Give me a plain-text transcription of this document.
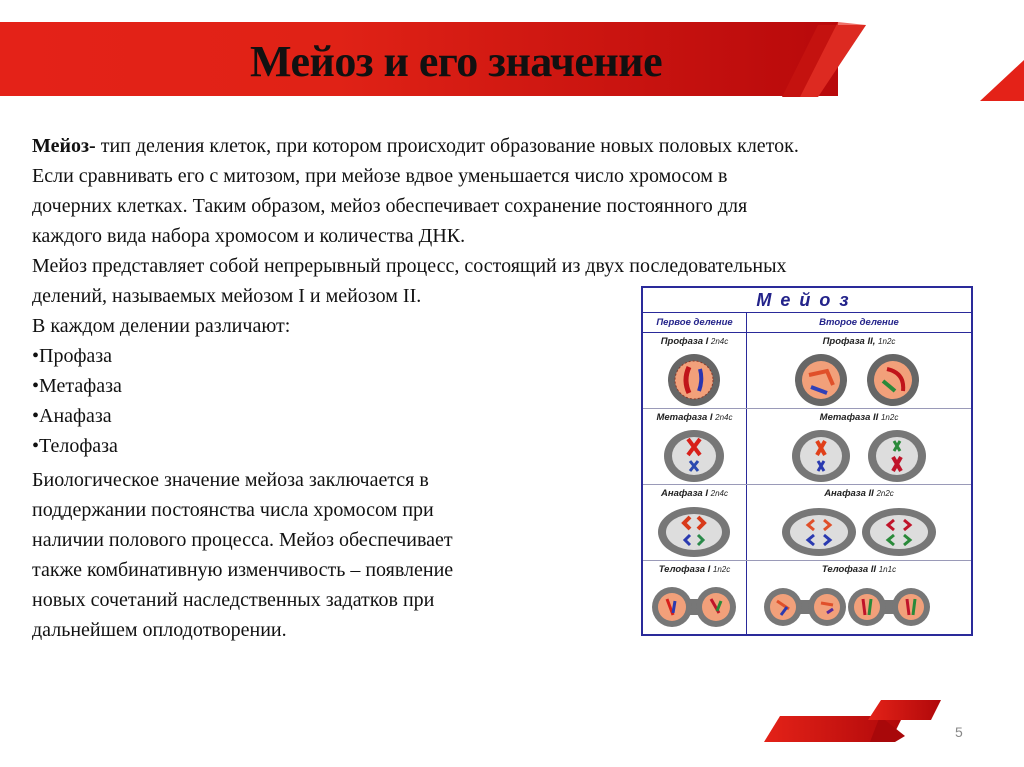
Мейоз и его значение
Мейоз- тип деления клеток, при котором происходит образование новых половых клеток.
Если сравнивать его с митозом, при мейозе вдвое уменьшается число хромосом в
дочерних клетках. Таким образом, мейоз обеспечивает сохранение постоянного для
каждого вида набора хромосом и количества ДНК.
Мейоз представляет собой непрерывный процесс, состоящий из двух последовательных
делений, называемых мейозом I и мейозом II.
В каждом делении различают:
•Профаза
•Метафаза
•Анафаза
•Телофаза
Биологическое значение мейоза заключается в
поддержании постоянства числа хромосом при
наличии полового процесса. Мейоз обеспечивает
также комбинативную изменчивость – появление
новых сочетаний наследственных задатков при
дальнейшем оплодотворении.
Мейоз
Первое деление	Второе деление
Профаза I 2n4c	Профаза II, 1n2c
Метафаза I 2n4c	Метафаза II 1n2c
Анафаза I 2n4c	Анафаза II 2n2c
Телофаза I 1n2c	Телофаза II 1n1c
5
